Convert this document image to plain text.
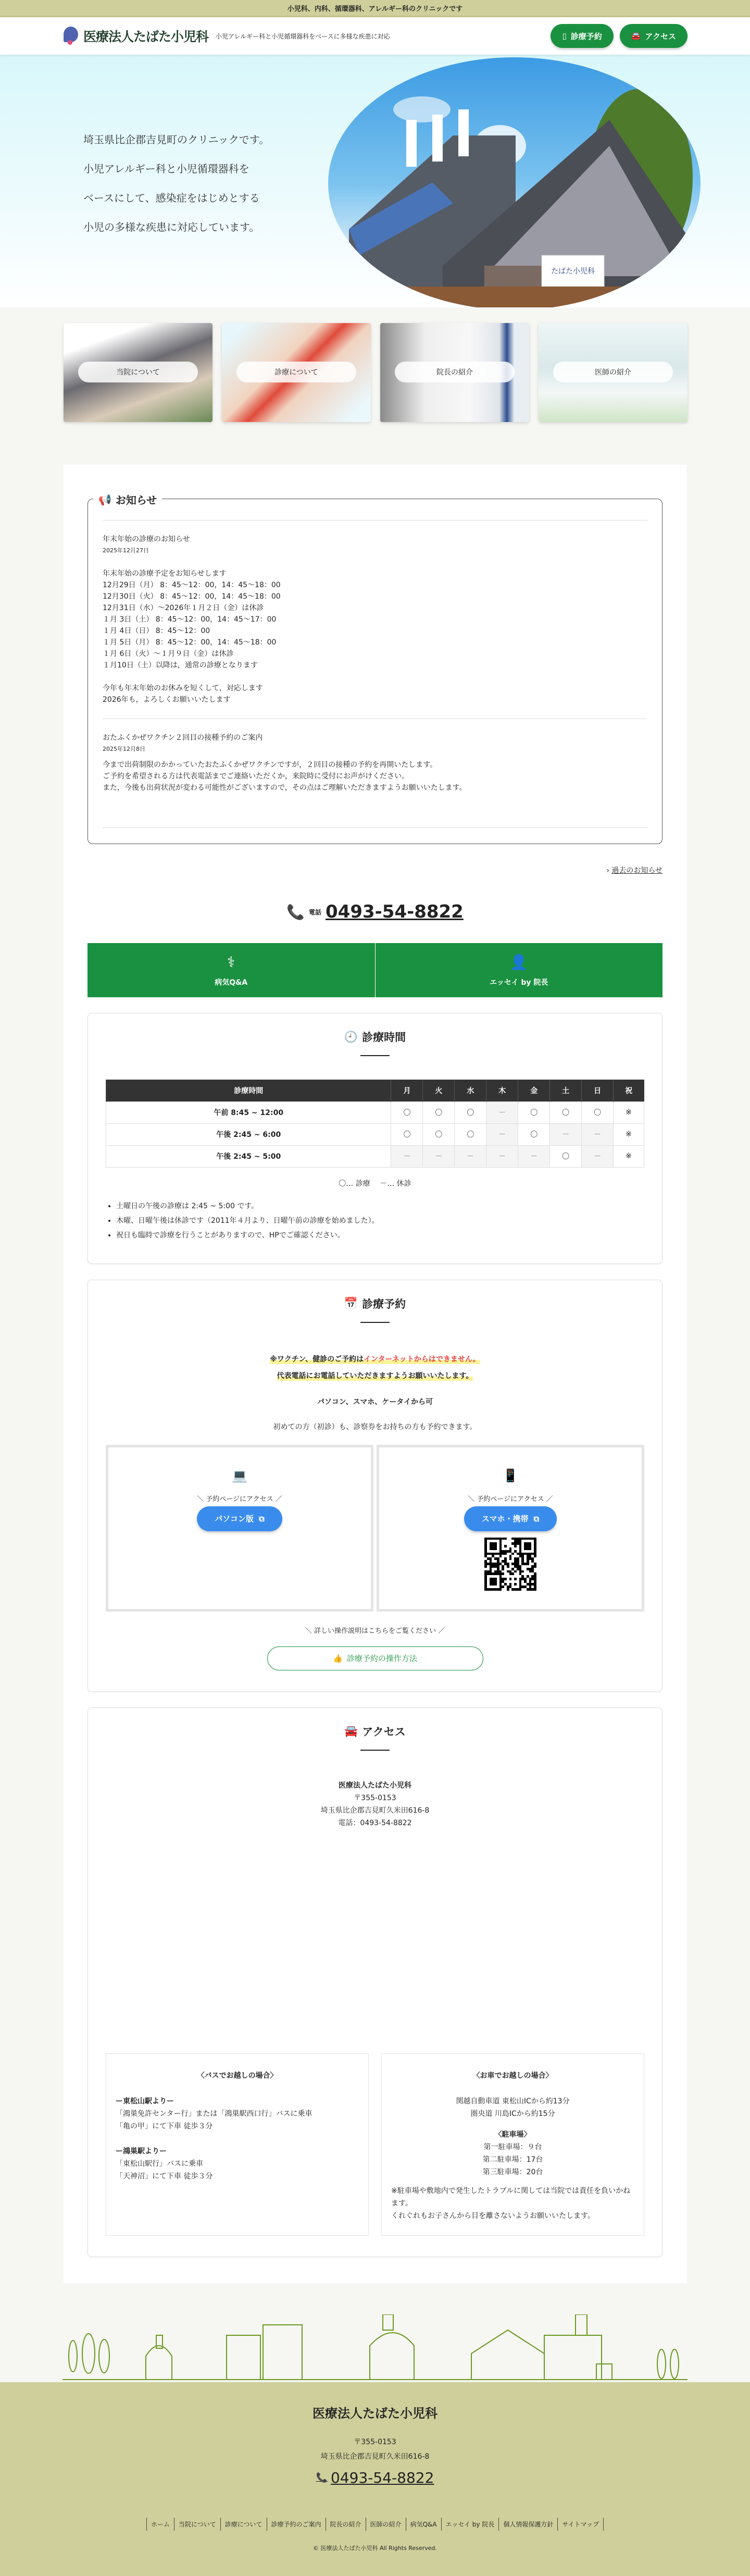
小児科、内科、循環器科、アレルギー科のクリニックです
医療法人たばた小児科 小児アレルギー科と小児循環器科をベースに多様な疾患に対応	▯ 診療予約	🚘 アクセス
埼玉県比企郡吉見町のクリニックです。
小児アレルギー科と小児循環器科を
ベースにして、感染症をはじめとする
小児の多様な疾患に対応しています。
たばた小児科
当院について	診療について	院長の紹介	医師の紹介
📢 お知らせ
年末年始の診療のお知らせ
2025年12月27日
年末年始の診療予定をお知らせします
12月29日（月） 8：45～12：00，14：45～18：00
12月30日（火） 8：45～12：00，14：45～18：00
12月31日（水）～2026年１月２日（金）は休診
１月 3日（土） 8：45～12：00，14：45～17：00
１月 4日（日） 8：45～12：00
１月 5日（月） 8：45～12：00，14：45～18：00
１月 6日（火）～１月９日（金）は休診
１月10日（土）以降は，通常の診療となります

今年も年末年始のお休みを短くして，対応します
2026年も，よろしくお願いいたします
おたふくかぜワクチン２回目の接種予約のご案内
2025年12月8日
今まで出荷制限のかかっていたおたふくかぜワクチンですが，２回目の接種の予約を再開いたします。
ご予約を希望される方は代表電話までご連絡いただくか，来院時に受付にお声がけください。
また，今後も出荷状況が変わる可能性がございますので，その点はご理解いただきますようお願いいたします。
› 過去のお知らせ
📞 電話 0493-54-8822
⚕
病気Q&A
👤
エッセイ by 院長
🕘 診療時間
診療時間	月	火	水	木	金	土	日	祝
午前 8:45 ~ 12:00	〇	〇	〇	－	〇	〇	〇	※
午後 2:45 ~ 6:00	〇	〇	〇	－	〇	－	－	※
午後 2:45 ~ 5:00	－	－	－	－	－	〇	－	※
〇… 診療　 －… 休診
• 土曜日の午後の診療は 2:45 ~ 5:00 です。
• 木曜、日曜午後は休診です（2011年４月より、日曜午前の診療を始めました）。
• 祝日も臨時で診療を行うことがありますので、HPでご確認ください。
📅 診療予約
※ワクチン、健診のご予約はインターネットからはできません。
代表電話にお電話していただきますようお願いいたします。
パソコン、スマホ、ケータイから可
初めての方（初診）も、診察券をお持ちの方も予約できます。
💻
＼ 予約ページにアクセス ／
パソコン版 ⧉
📱
＼ 予約ページにアクセス ／
スマホ・携帯 ⧉
＼ 詳しい操作説明はこちらをご覧ください ／
👍 診療予約の操作方法
🚘 アクセス
医療法人たばた小児科
〒355-0153
埼玉県比企郡吉見町久米田616-8
電話：0493-54-8822
〈バスでお越しの場合〉
ー東松山駅よりー
「鴻巣免許センター行」または「鴻巣駅西口行」バスに乗車
「亀の甲」にて下車 徒歩３分
ー鴻巣駅よりー
「東松山駅行」バスに乗車
「天神沼」にて下車 徒歩３分
〈お車でお越しの場合〉
関越自動車道 東松山ICから約13分
圏央道 川島ICから約15分
〈駐車場〉
第一駐車場：９台
第二駐車場：17台
第三駐車場：20台
※駐車場や敷地内で発生したトラブルに関しては当院では責任を負いかねます。
くれぐれもお子さんから目を離さないようお願いいたします。
医療法人たばた小児科
〒355-0153
埼玉県比企郡吉見町久米田616-8
📞 0493-54-8822
ホーム	当院について	診療について	診療予約のご案内	院長の紹介	医師の紹介	病気Q&A	エッセイ by 院長	個人情報保護方針	サイトマップ
© 医療法人たばた小児科 All Rights Reserved.
